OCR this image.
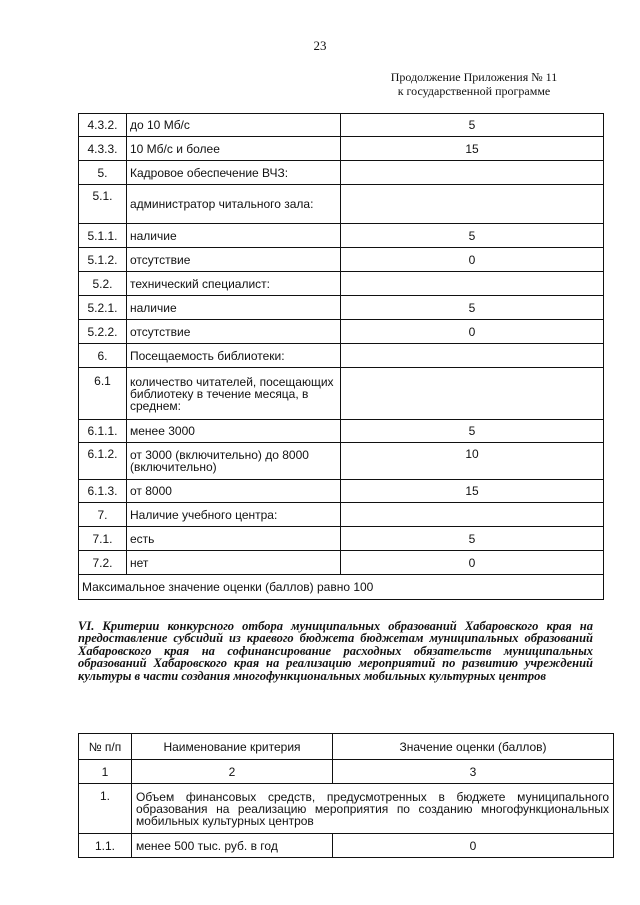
23
Продолжение Приложения № 11
к государственной программе
4.3.2.	до 10 Мб/с	5
4.3.3.	10 Мб/с и более	15
5.	Кадровое обеспечение ВЧЗ:	
5.1.	администратор читального зала:	
5.1.1.	наличие	5
5.1.2.	отсутствие	0
5.2.	технический специалист:	
5.2.1.	наличие	5
5.2.2.	отсутствие	0
6.	Посещаемость библиотеки:	
6.1	количество читателей, посещающих библиотеку в течение месяца, в среднем:	
6.1.1.	менее 3000	5
6.1.2.	от 3000 (включительно) до 8000 (включительно)	10
6.1.3.	от 8000	15
7.	Наличие учебного центра:	
7.1.	есть	5
7.2.	нет	0
Максимальное значение оценки (баллов) равно 100		
VI. Критерии конкурсного отбора муниципальных образований Хабаровского края на предоставление субсидий из краевого бюджета бюджетам муниципальных образований Хабаровского края на софинансирование расходных обязательств муниципальных образований Хабаровского края на реализацию мероприятий по развитию учреждений культуры в части создания многофункциональных мобильных культурных центров
№ п/п	Наименование критерия	Значение оценки (баллов)
1	2	3
1.	Объем финансовых средств, предусмотренных в бюджете муниципального образования на реализацию мероприятия по созданию многофункциональных мобильных культурных центров	
1.1.	менее 500 тыс. руб. в год	0
